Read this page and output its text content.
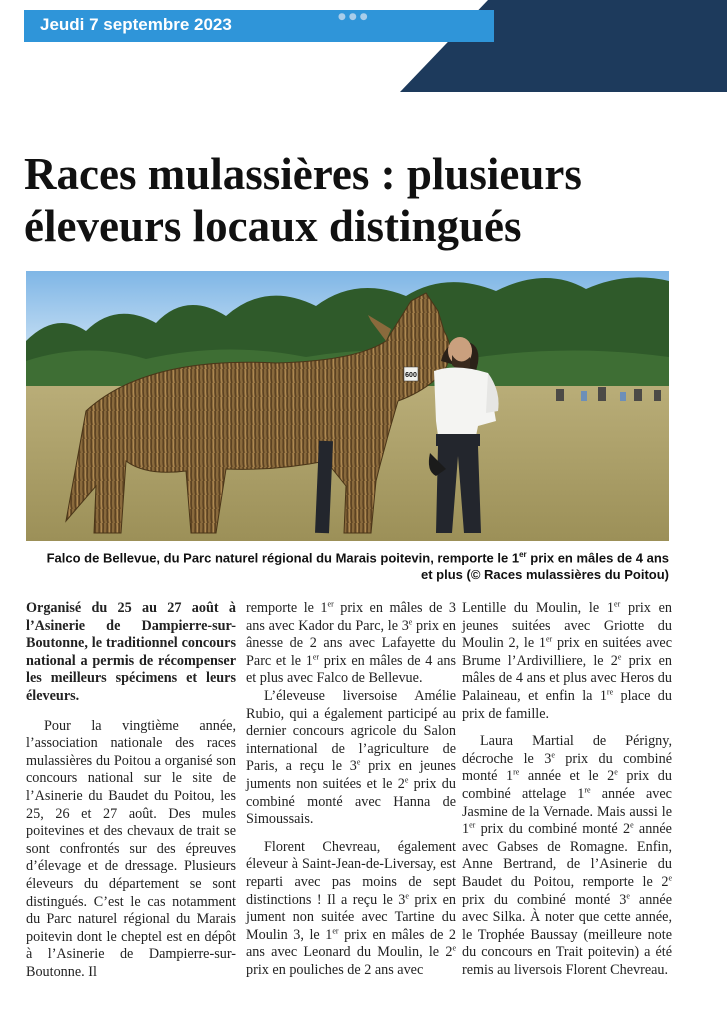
●●●
Jeudi 7 septembre 2023
Races mulassières : plusieurs éleveurs locaux distingués
600
Falco de Bellevue, du Parc naturel régional du Marais poitevin, remporte le 1er prix en mâles de 4 ans et plus (© Races mulassières du Poitou)

Organisé du 25 au 27 août à l’Asinerie de Dampierre-sur-Boutonne, le traditionnel concours national a permis de récompenser les meilleurs spécimens et leurs éleveurs.

Pour la vingtième année, l’association nationale des races mulassières du Poitou a organisé son concours national sur le site de l’Asinerie du Baudet du Poitou, les 25, 26 et 27 août. Des mules poitevines et des chevaux de trait se sont confrontés sur des épreuves d’élevage et de dressage. Plusieurs éleveurs du département se sont distingués. C’est le cas notamment du Parc naturel régional du Marais poitevin dont le cheptel est en dépôt à l’Asinerie de Dampierre-sur-Boutonne. Il

remporte le 1er prix en mâles de 3 ans avec Kador du Parc, le 3e prix en ânesse de 2 ans avec Lafayette du Parc et le 1er prix en mâles de 4 ans et plus avec Falco de Bellevue.

L’éleveuse liversoise Amélie Rubio, qui a également participé au dernier concours agricole du Salon international de l’agriculture de Paris, a reçu le 3e prix en jeunes juments non suitées et le 2e prix du combiné monté avec Hanna de Simoussais.

Florent Chevreau, également éleveur à Saint-Jean-de-Liversay, est reparti avec pas moins de sept distinctions ! Il a reçu le 3e prix en jument non suitée avec Tartine du Moulin 3, le 1er prix en mâles de 2 ans avec Leonard du Moulin, le 2e prix en pouliches de 2 ans avec

Lentille du Moulin, le 1er prix en jeunes suitées avec Griotte du Moulin 2, le 1er prix en suitées avec Brume l’Ardivilliere, le 2e prix en mâles de 4 ans et plus avec Heros du Palaineau, et enfin la 1re place du prix de famille.

Laura Martial de Périgny, décroche le 3e prix du combiné monté 1re année et le 2e prix du combiné attelage 1re année avec Jasmine de la Vernade. Mais aussi le 1er prix du combiné monté 2e année avec Gabses de Romagne. Enfin, Anne Bertrand, de l’Asinerie du Baudet du Poitou, remporte le 2e prix du combiné monté 3e année avec Silka. À noter que cette année, le Trophée Baussay (meilleure note du concours en Trait poitevin) a été remis au liversois Florent Chevreau.
